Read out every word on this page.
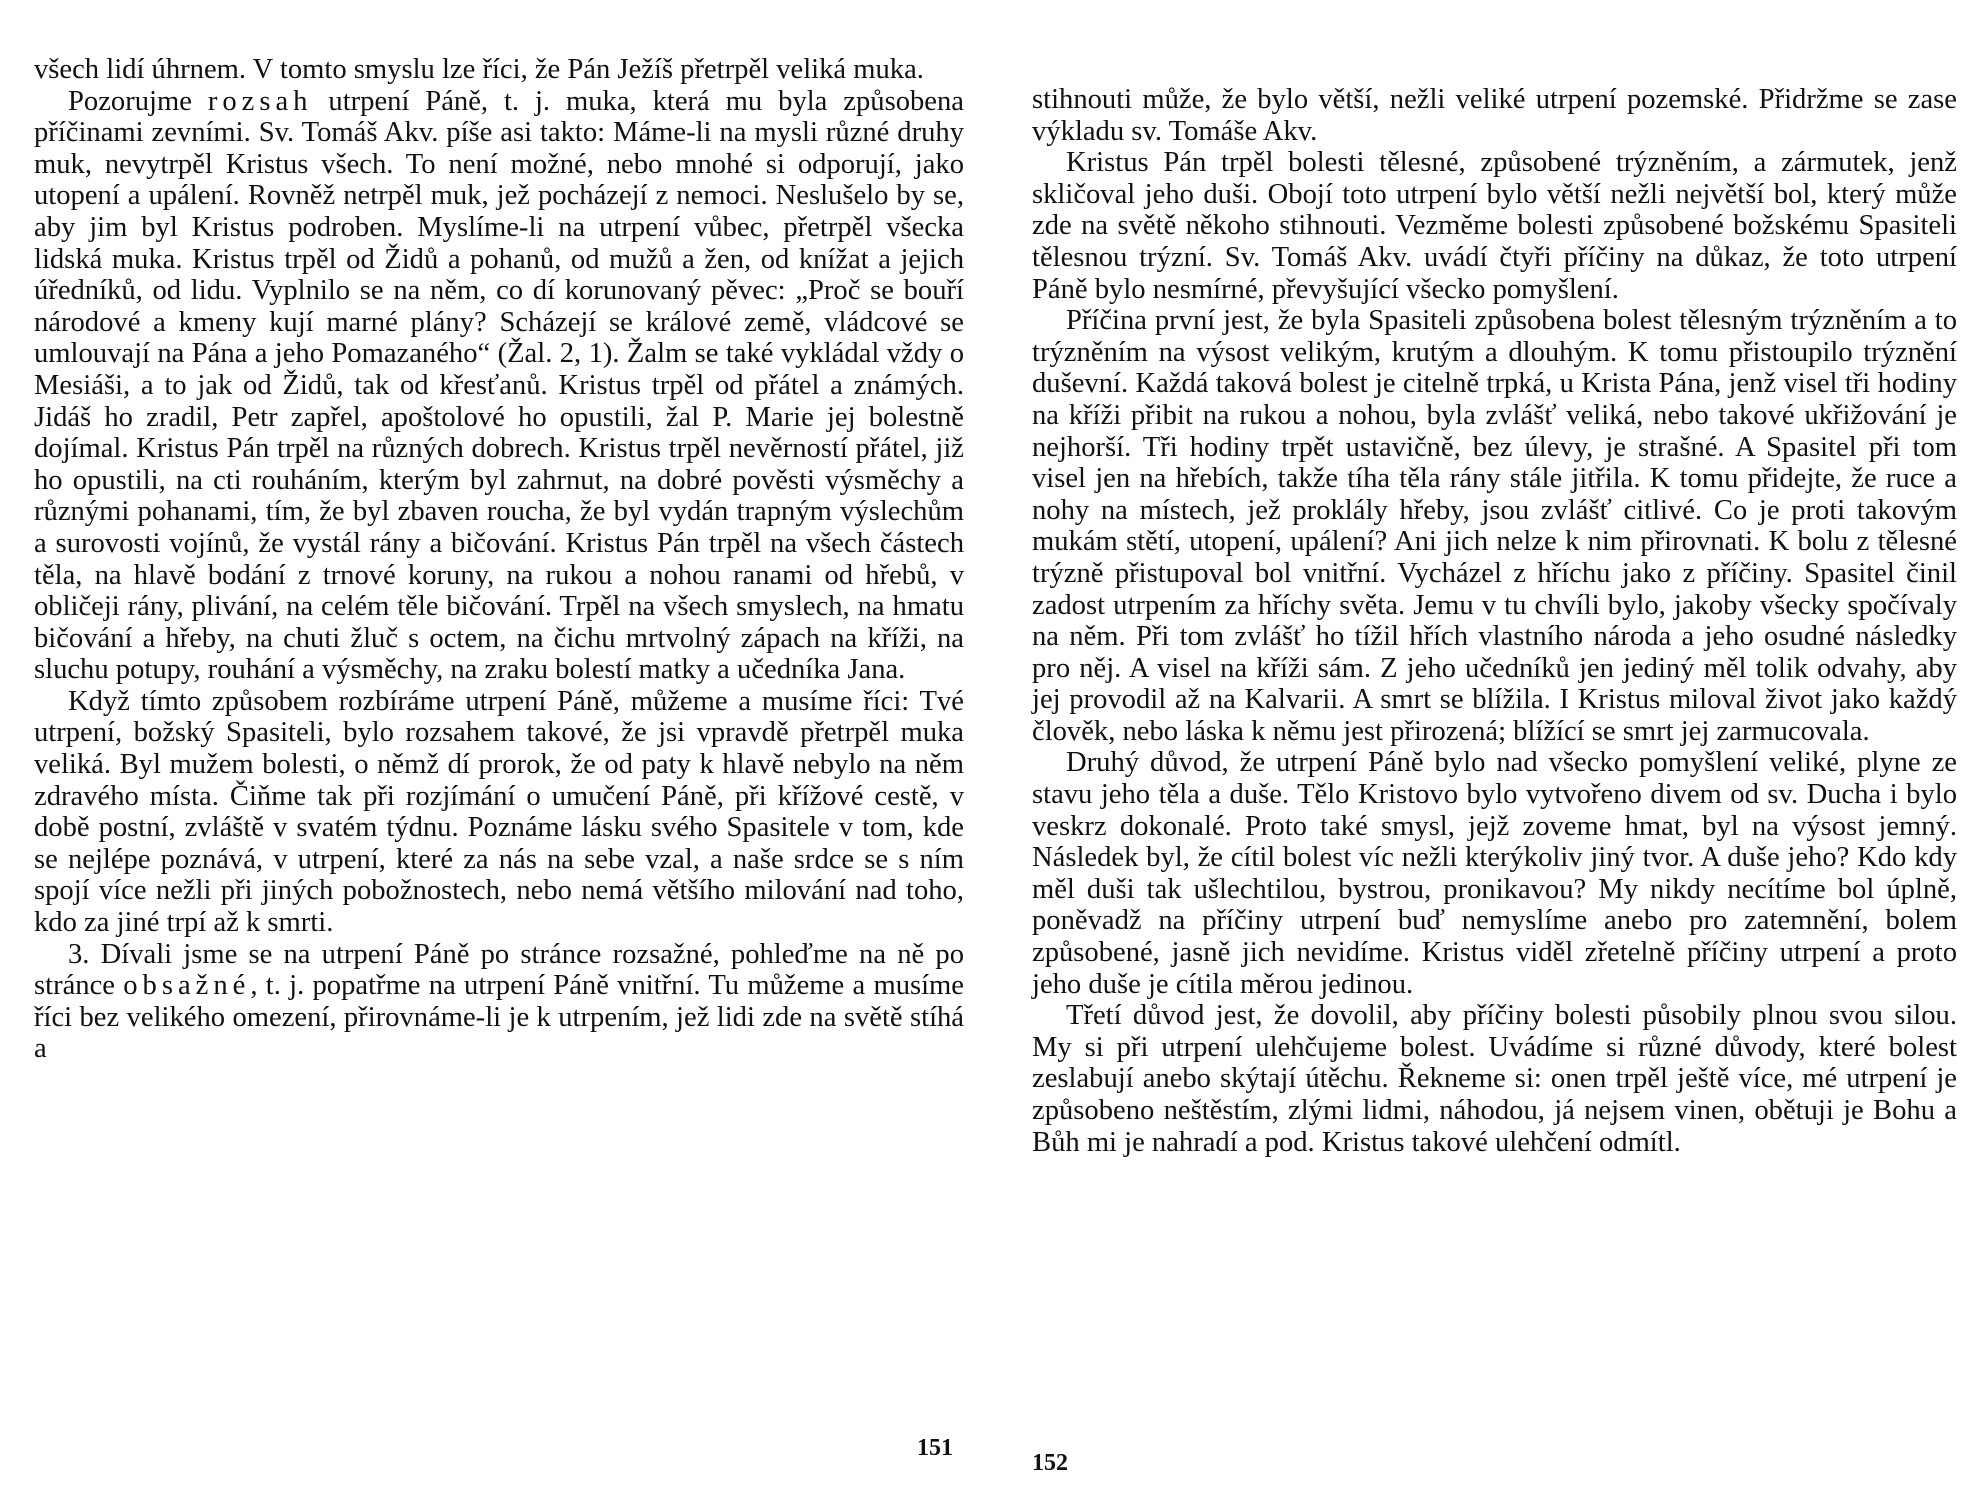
všech lidí úhrnem. V tomto smyslu lze říci, že Pán Ježíš přetrpěl veliká muka.

Pozorujme rozsah utrpení Páně, t. j. muka, která mu byla způsobena příčinami zevními. Sv. Tomáš Akv. píše asi takto: Máme-li na mysli různé druhy muk, nevytrpěl Kristus všech. To není možné, nebo mnohé si odporují, jako utopení a upálení. Rovněž netrpěl muk, jež pocházejí z nemoci. Neslušelo by se, aby jim byl Kristus podroben. Myslíme-li na utrpení vůbec, přetrpěl všecka lidská muka. Kristus trpěl od Židů a pohanů, od mužů a žen, od knížat a jejich úředníků, od lidu. Vyplnilo se na něm, co dí korunovaný pěvec: „Proč se bouří národové a kmeny kují marné plány? Scházejí se králové země, vládcové se umlouvají na Pána a jeho Pomazaného“ (Žal. 2, 1). Žalm se také vykládal vždy o Mesiáši, a to jak od Židů, tak od křesťanů. Kristus trpěl od přátel a známých. Jidáš ho zradil, Petr zapřel, apoštolové ho opustili, žal P. Marie jej bolestně dojímal. Kristus Pán trpěl na různých dobrech. Kristus trpěl nevěrností přátel, již ho opustili, na cti rouháním, kterým byl zahrnut, na dobré pověsti výsměchy a různými pohanami, tím, že byl zbaven roucha, že byl vydán trapným výslechům a surovosti vojínů, že vystál rány a bičování. Kristus Pán trpěl na všech částech těla, na hlavě bodání z trnové koruny, na rukou a nohou ranami od hřebů, v obličeji rány, plivání, na celém těle bičování. Trpěl na všech smyslech, na hmatu bičování a hřeby, na chuti žluč s octem, na čichu mrtvolný zápach na kříži, na sluchu potupy, rouhání a výsměchy, na zraku bolestí matky a učedníka Jana.

Když tímto způsobem rozbíráme utrpení Páně, můžeme a musíme říci: Tvé utrpení, božský Spasiteli, bylo rozsahem takové, že jsi vpravdě přetrpěl muka veliká. Byl mužem bolesti, o němž dí prorok, že od paty k hlavě nebylo na něm zdravého místa. Čiňme tak při rozjímání o umučení Páně, při křížové cestě, v době postní, zvláště v svatém týdnu. Poznáme lásku svého Spasitele v tom, kde se nejlépe poznává, v utrpení, které za nás na sebe vzal, a naše srdce se s ním spojí více nežli při jiných pobožnostech, nebo nemá většího milování nad toho, kdo za jiné trpí až k smrti.

3. Dívali jsme se na utrpení Páně po stránce rozsažné, pohleďme na ně po stránce obsažné, t. j. popatřme na utrpení Páně vnitřní. Tu můžeme a musíme říci bez velikého omezení, přirovnáme-li je k utrpením, jež lidi zde na světě stíhá a

151

stihnouti může, že bylo větší, nežli veliké utrpení pozemské. Přidržme se zase výkladu sv. Tomáše Akv.

Kristus Pán trpěl bolesti tělesné, způsobené trýzněním, a zármutek, jenž skličoval jeho duši. Obojí toto utrpení bylo větší nežli největší bol, který může zde na světě někoho stihnouti. Vezměme bolesti způsobené božskému Spasiteli tělesnou trýzní. Sv. Tomáš Akv. uvádí čtyři příčiny na důkaz, že toto utrpení Páně bylo nesmírné, převyšující všecko pomyšlení.

Příčina první jest, že byla Spasiteli způsobena bolest tělesným trýzněním a to trýzněním na výsost velikým, krutým a dlouhým. K tomu přistoupilo trýznění duševní. Každá taková bolest je citelně trpká, u Krista Pána, jenž visel tři hodiny na kříži přibit na rukou a nohou, byla zvlášť veliká, nebo takové ukřižování je nejhorší. Tři hodiny trpět ustavičně, bez úlevy, je strašné. A Spasitel při tom visel jen na hřebích, takže tíha těla rány stále jitřila. K tomu přidejte, že ruce a nohy na místech, jež proklály hřeby, jsou zvlášť citlivé. Co je proti takovým mukám stětí, utopení, upálení? Ani jich nelze k nim přirovnati. K bolu z tělesné trýzně přistupoval bol vnitřní. Vycházel z hříchu jako z příčiny. Spasitel činil zadost utrpením za hříchy světa. Jemu v tu chvíli bylo, jakoby všecky spočívaly na něm. Při tom zvlášť ho tížil hřích vlastního národa a jeho osudné následky pro něj. A visel na kříži sám. Z jeho učedníků jen jediný měl tolik odvahy, aby jej provodil až na Kalvarii. A smrt se blížila. I Kristus miloval život jako každý člověk, nebo láska k němu jest přirozená; blížící se smrt jej zarmucovala.

Druhý důvod, že utrpení Páně bylo nad všecko pomyšlení veliké, plyne ze stavu jeho těla a duše. Tělo Kristovo bylo vytvořeno divem od sv. Ducha i bylo veskrz dokonalé. Proto také smysl, jejž zoveme hmat, byl na výsost jemný. Následek byl, že cítil bolest víc nežli kterýkoliv jiný tvor. A duše jeho? Kdo kdy měl duši tak ušlechtilou, bystrou, pronikavou? My nikdy necítíme bol úplně, poněvadž na příčiny utrpení buď nemyslíme anebo pro zatemnění, bolem způsobené, jasně jich nevidíme. Kristus viděl zřetelně příčiny utrpení a proto jeho duše je cítila měrou jedinou.

Třetí důvod jest, že dovolil, aby příčiny bolesti působily plnou svou silou. My si při utrpení ulehčujeme bolest. Uvádíme si různé důvody, které bolest zeslabují anebo skýtají útěchu. Řekneme si: onen trpěl ještě více, mé utrpení je způsobeno neštěstím, zlými lidmi, náhodou, já nejsem vinen, obětuji je Bohu a Bůh mi je nahradí a pod. Kristus takové ulehčení odmítl.

152
